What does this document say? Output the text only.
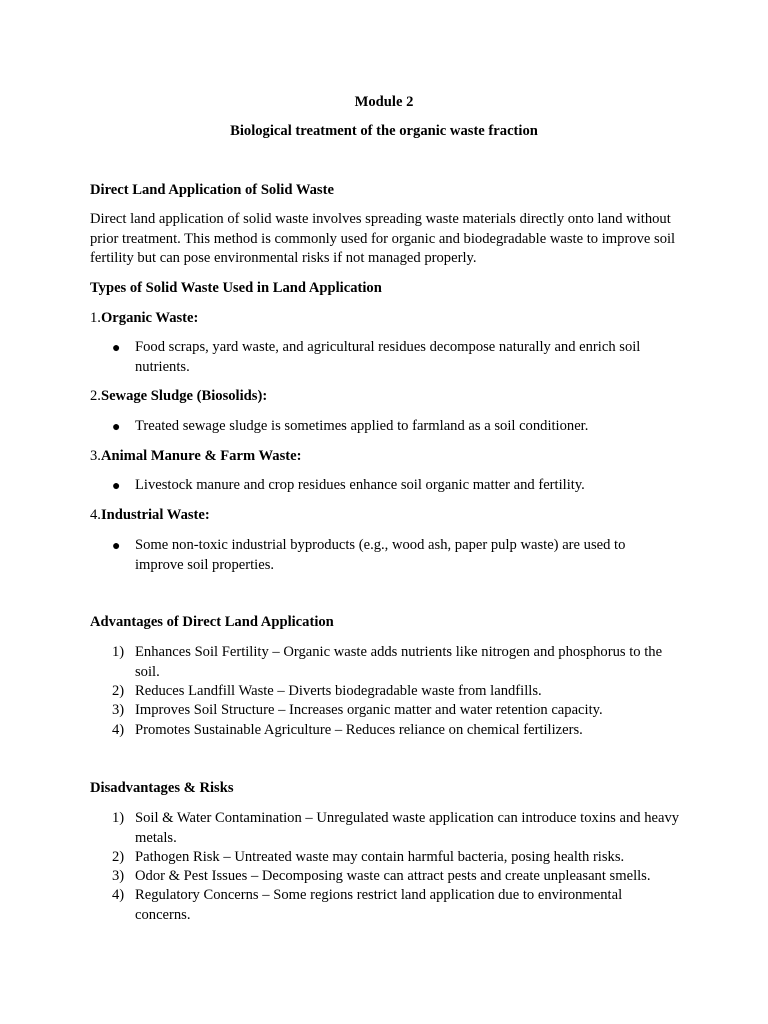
Module 2
Biological treatment of the organic waste fraction
Direct Land Application of Solid Waste
Direct land application of solid waste involves spreading waste materials directly onto land without prior treatment. This method is commonly used for organic and biodegradable waste to improve soil fertility but can pose environmental risks if not managed properly.
Types of Solid Waste Used in Land Application
1.Organic Waste:
● Food scraps, yard waste, and agricultural residues decompose naturally and enrich soil nutrients.
2.Sewage Sludge (Biosolids):
● Treated sewage sludge is sometimes applied to farmland as a soil conditioner.
3.Animal Manure & Farm Waste:
● Livestock manure and crop residues enhance soil organic matter and fertility.
4.Industrial Waste:
● Some non-toxic industrial byproducts (e.g., wood ash, paper pulp waste) are used to improve soil properties.
Advantages of Direct Land Application
1) Enhances Soil Fertility – Organic waste adds nutrients like nitrogen and phosphorus to the soil.
2) Reduces Landfill Waste – Diverts biodegradable waste from landfills.
3) Improves Soil Structure – Increases organic matter and water retention capacity.
4) Promotes Sustainable Agriculture – Reduces reliance on chemical fertilizers.
Disadvantages & Risks
1) Soil & Water Contamination – Unregulated waste application can introduce toxins and heavy metals.
2) Pathogen Risk – Untreated waste may contain harmful bacteria, posing health risks.
3) Odor & Pest Issues – Decomposing waste can attract pests and create unpleasant smells.
4) Regulatory Concerns – Some regions restrict land application due to environmental concerns.
